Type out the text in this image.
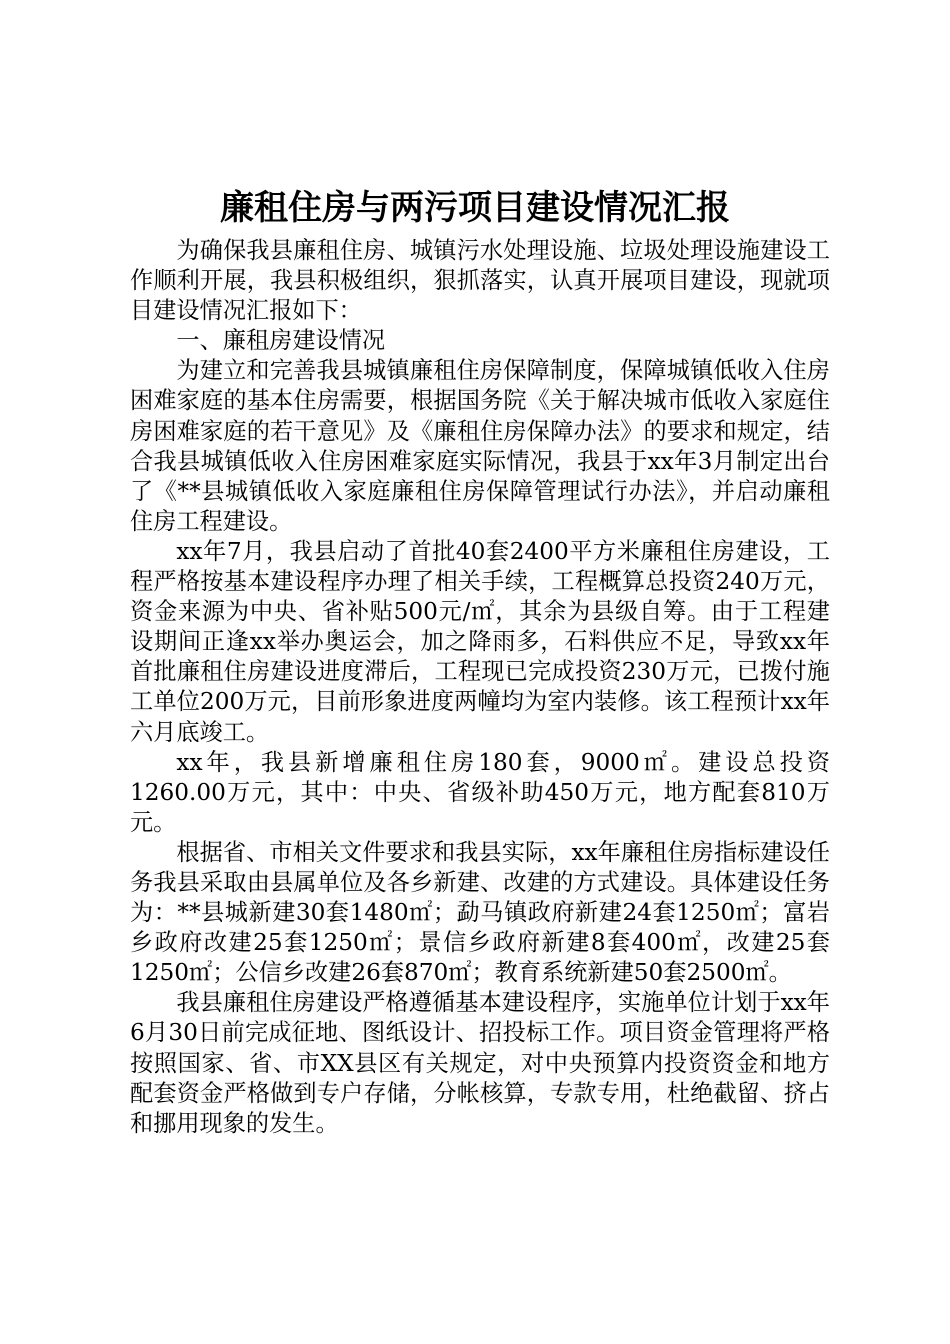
廉租住房与两污项目建设情况汇报

为确保我县廉租住房、城镇污水处理设施、垃圾处理设施建设工作顺利开展，我县积极组织，狠抓落实，认真开展项目建设，现就项目建设情况汇报如下：

一、廉租房建设情况

为建立和完善我县城镇廉租住房保障制度，保障城镇低收入住房困难家庭的基本住房需要，根据国务院《关于解决城市低收入家庭住房困难家庭的若干意见》及《廉租住房保障办法》的要求和规定，结合我县城镇低收入住房困难家庭实际情况，我县于xx年3月制定出台了《**县城镇低收入家庭廉租住房保障管理试行办法》，并启动廉租住房工程建设。

xx年7月，我县启动了首批40套2400平方米廉租住房建设，工程严格按基本建设程序办理了相关手续，工程概算总投资240万元，资金来源为中央、省补贴500元/㎡，其余为县级自筹。由于工程建设期间正逢xx举办奥运会，加之降雨多，石料供应不足，导致xx年首批廉租住房建设进度滞后，工程现已完成投资230万元，已拨付施工单位200万元，目前形象进度两幢均为室内装修。该工程预计xx年六月底竣工。

xx年，我县新增廉租住房180套，9000㎡。建设总投资1260.00万元，其中：中央、省级补助450万元，地方配套810万元。

根据省、市相关文件要求和我县实际，xx年廉租住房指标建设任务我县采取由县属单位及各乡新建、改建的方式建设。具体建设任务为：**县城新建30套1480㎡；勐马镇政府新建24套1250㎡；富岩乡政府改建25套1250㎡；景信乡政府新建8套400㎡，改建25套1250㎡；公信乡改建26套870㎡；教育系统新建50套2500㎡。

我县廉租住房建设严格遵循基本建设程序，实施单位计划于xx年6月30日前完成征地、图纸设计、招投标工作。项目资金管理将严格按照国家、省、市XX县区有关规定，对中央预算内投资资金和地方配套资金严格做到专户存储，分帐核算，专款专用，杜绝截留、挤占和挪用现象的发生。
